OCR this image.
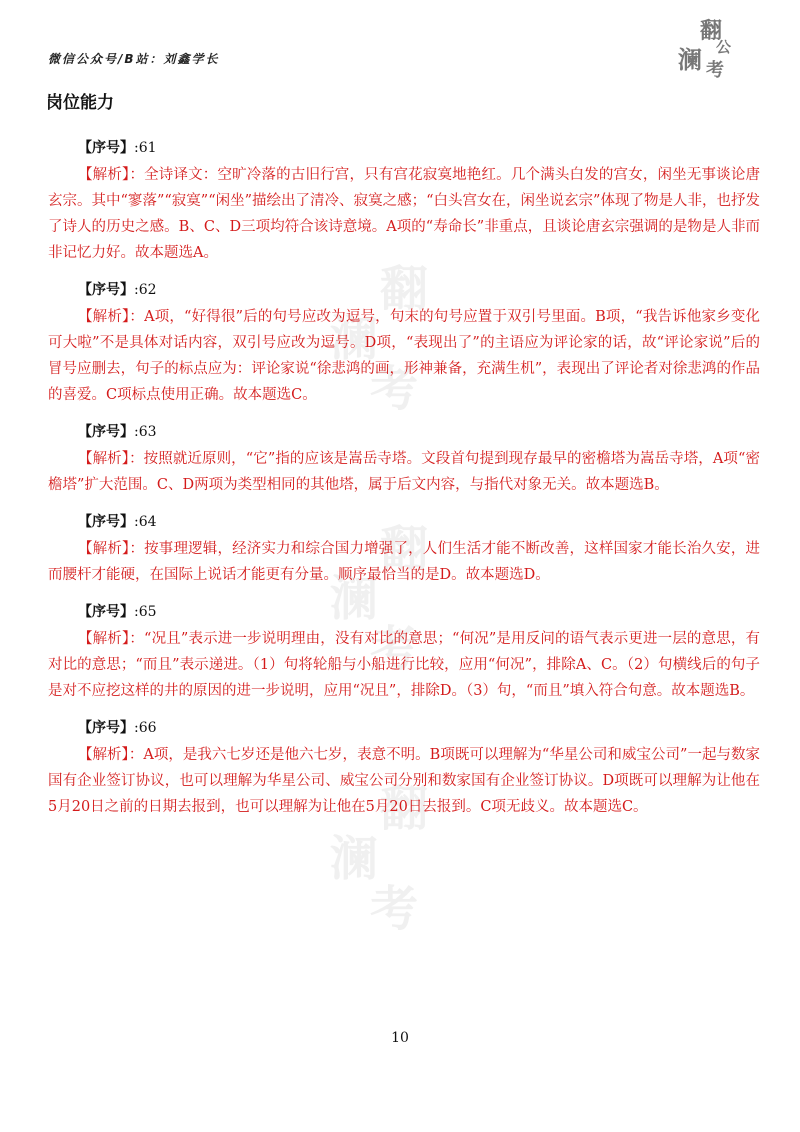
微信公众号/B站：刘鑫学长
翻
澜 公
考
岗位能力
翻
澜
考
翻
澜
考
翻
澜
考
【序号】:61

【解析】：全诗译文：空旷冷落的古旧行宫，只有宫花寂寞地艳红。几个满头白发的宫女，闲坐无事谈论唐玄宗。其中“寥落”“寂寞”“闲坐”描绘出了清冷、寂寞之感；“白头宫女在，闲坐说玄宗”体现了物是人非，也抒发了诗人的历史之感。B、C、D三项均符合该诗意境。A项的“寿命长”非重点，且谈论唐玄宗强调的是物是人非而非记忆力好。故本题选A。

【序号】:62

【解析】：A项，“好得很”后的句号应改为逗号，句末的句号应置于双引号里面。B项，“我告诉他家乡变化可大啦”不是具体对话内容，双引号应改为逗号。D项，“表现出了”的主语应为评论家的话，故“评论家说”后的冒号应删去，句子的标点应为：评论家说“徐悲鸿的画，形神兼备，充满生机”，表现出了评论者对徐悲鸿的作品的喜爱。C项标点使用正确。故本题选C。

【序号】:63

【解析】：按照就近原则，“它”指的应该是嵩岳寺塔。文段首句提到现存最早的密檐塔为嵩岳寺塔，A项“密檐塔”扩大范围。C、D两项为类型相同的其他塔，属于后文内容，与指代对象无关。故本题选B。

【序号】:64

【解析】：按事理逻辑，经济实力和综合国力增强了，人们生活才能不断改善，这样国家才能长治久安，进而腰杆才能硬，在国际上说话才能更有分量。顺序最恰当的是D。故本题选D。

【序号】:65

【解析】：“况且”表示进一步说明理由，没有对比的意思；“何况”是用反问的语气表示更进一层的意思，有对比的意思；“而且”表示递进。（1）句将轮船与小船进行比较，应用“何况”，排除A、C。（2）句横线后的句子是对不应挖这样的井的原因的进一步说明，应用“况且”，排除D。（3）句，“而且”填入符合句意。故本题选B。

【序号】:66

【解析】：A项，是我六七岁还是他六七岁，表意不明。B项既可以理解为“华星公司和威宝公司”一起与数家国有企业签订协议，也可以理解为华星公司、威宝公司分别和数家国有企业签订协议。D项既可以理解为让他在5月20日之前的日期去报到，也可以理解为让他在5月20日去报到。C项无歧义。故本题选C。

10
